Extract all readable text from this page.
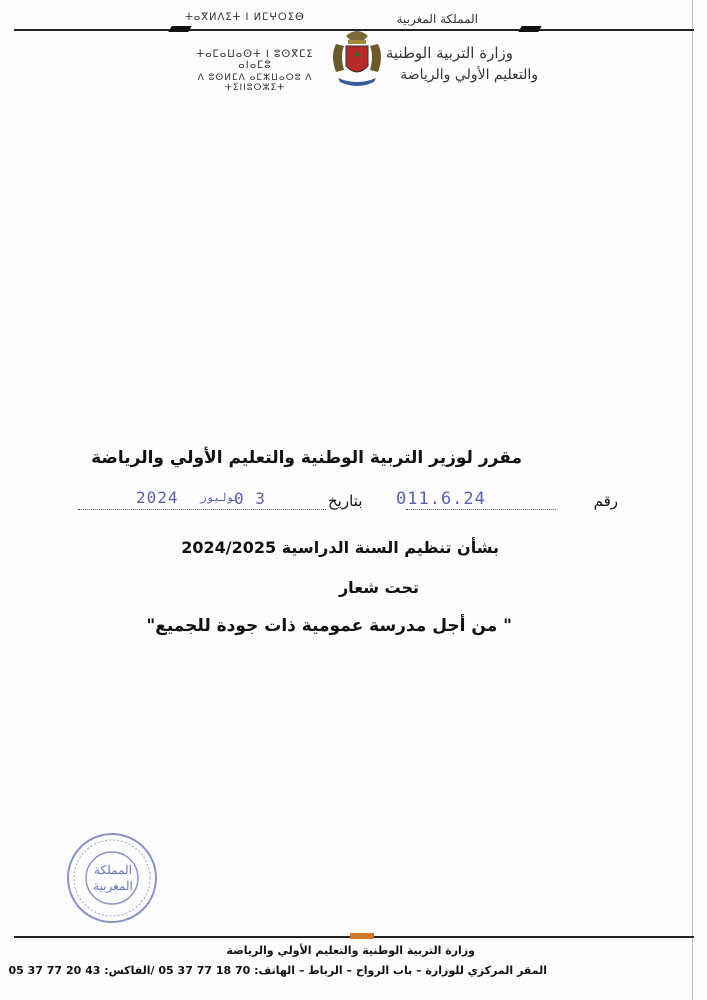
ⵜⴰⴳⵍⴷⵉⵜ ⵏ ⵍⵎⵖⵔⵉⴱ
ⵜⴰⵎⴰⵡⴰⵙⵜ ⵏ ⵓⵙⴳⵎⵉ ⴰⵏⴰⵎⵓ
ⴷ ⵓⵙⵍⵎⴷ ⴰⵎⵣⵡⴰⵔⵓ ⴷ ⵜⵉⵏⵏⵓⵔⵣⵉⵜ
المملكة المغربية
وزارة التربية الوطنية
والتعليم الأولي والرياضة
مقرر لوزير التربية الوطنية والتعليم الأولي والرياضة
رقم
011.6.24
بتاريخ
2024 يوليوز
0 3
بشأن تنظيم السنة الدراسية 2024/2025
تحت شعار
" من أجل مدرسة عمومية ذات جودة للجميع"
المملكة
المغربية
وزارة التربية الوطنية والتعليم الأولي والرياضة
المقر المركزي للوزارة – باب الرواح – الرباط – الهاتف: 70 18 77 37 05 /الفاكس: 43 20 77 37 05
